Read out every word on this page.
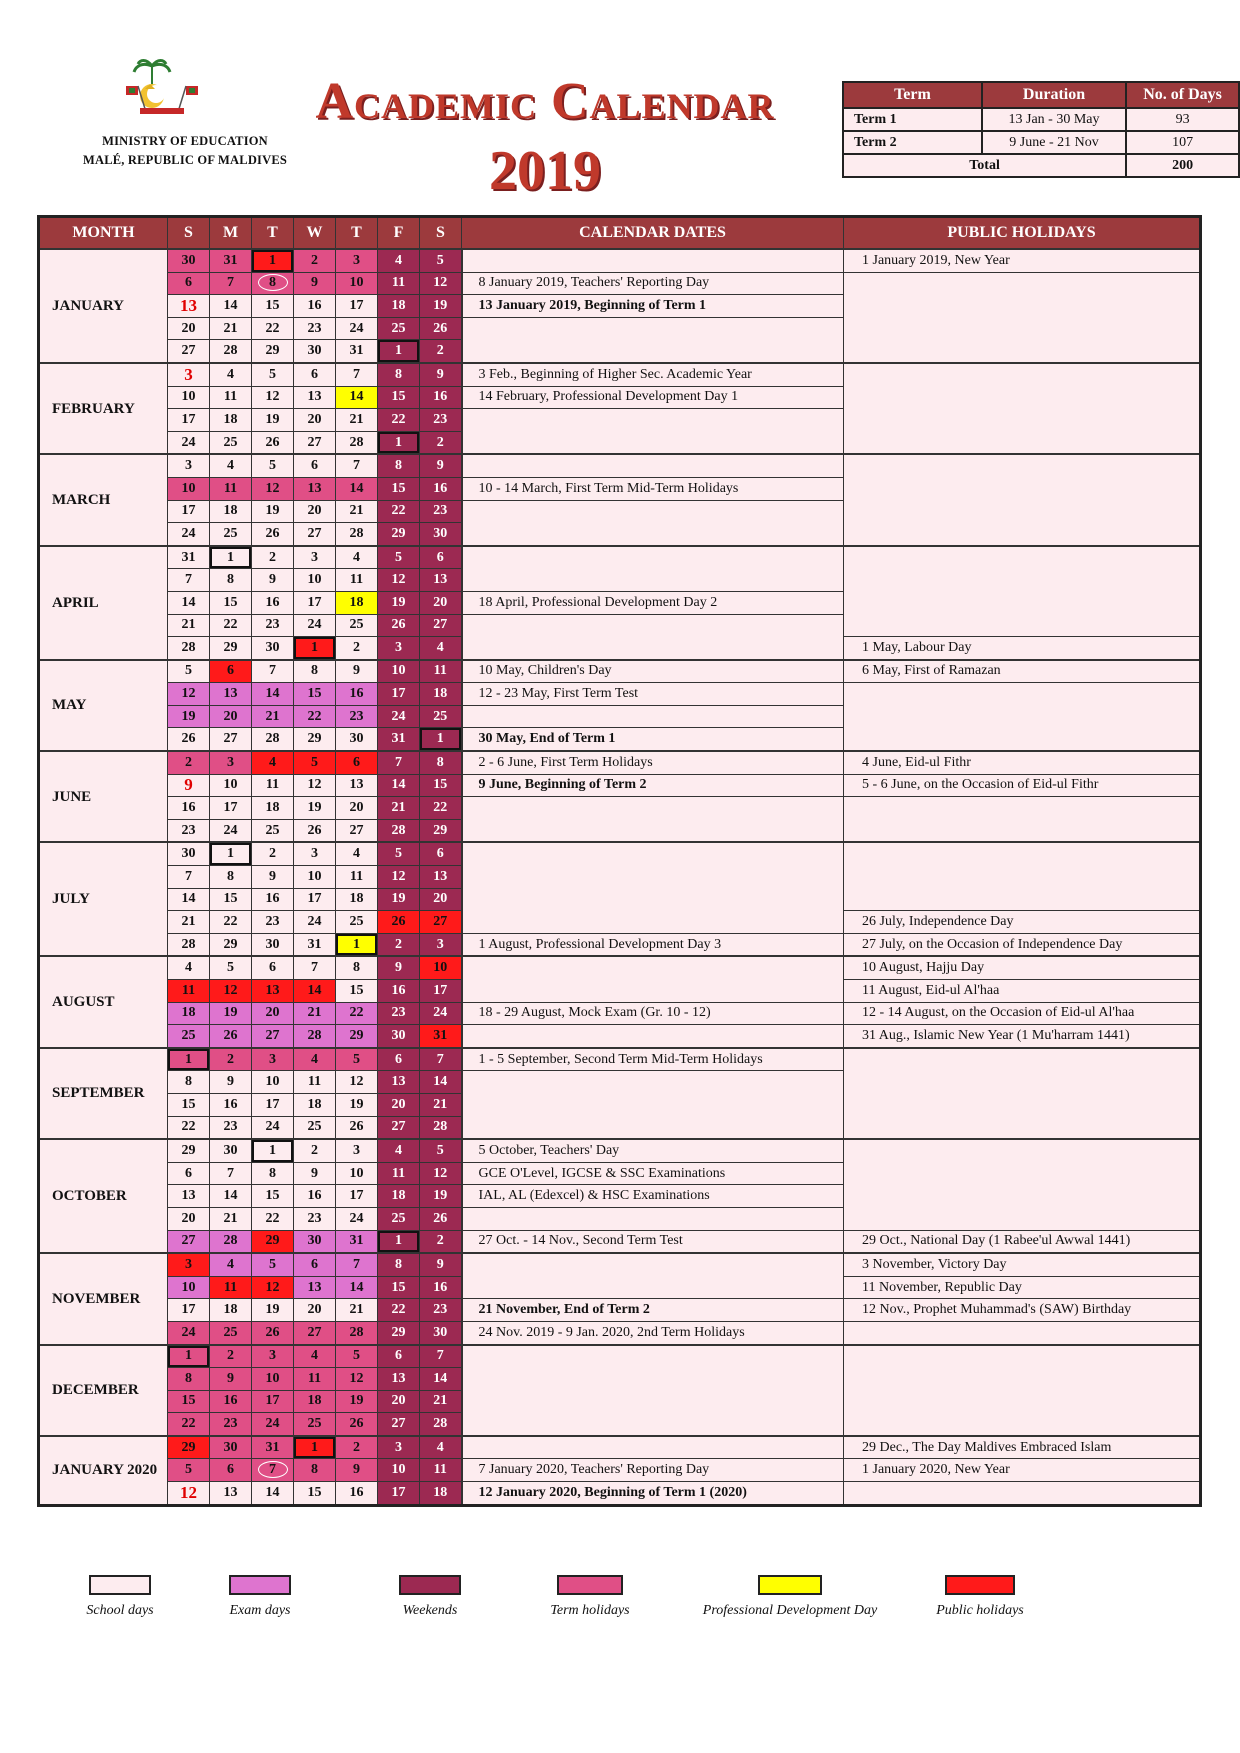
MINISTRY OF EDUCATION
MALÉ, REPUBLIC OF MALDIVES
Academic Calendar
2019
Term	Duration	No. of Days
Term 1	13 Jan - 30 May	93
Term 2	9 June - 21 Nov	107
Total		200
MONTH	S	M	T	W	T	F	S	CALENDAR DATES	PUBLIC HOLIDAYS
JANUARY	30	31	1	2	3	4	5		1 January 2019, New Year
	6	7	8	9	10	11	12	8 January 2019, Teachers' Reporting Day	
	13	14	15	16	17	18	19	13 January 2019, Beginning of Term 1	
	20	21	22	23	24	25	26		
	27	28	29	30	31	1	2		
FEBRUARY	3	4	5	6	7	8	9	3 Feb., Beginning of Higher Sec. Academic Year	
	10	11	12	13	14	15	16	14 February, Professional Development Day 1	
	17	18	19	20	21	22	23		
	24	25	26	27	28	1	2		
MARCH	3	4	5	6	7	8	9		
	10	11	12	13	14	15	16	10 - 14 March, First Term Mid-Term Holidays	
	17	18	19	20	21	22	23		
	24	25	26	27	28	29	30		
APRIL	31	1	2	3	4	5	6		
	7	8	9	10	11	12	13		
	14	15	16	17	18	19	20	18 April, Professional Development Day 2	
	21	22	23	24	25	26	27		
	28	29	30	1	2	3	4		1 May, Labour Day
MAY	5	6	7	8	9	10	11	10 May, Children's Day	6 May, First of Ramazan
	12	13	14	15	16	17	18	12 - 23 May, First Term Test	
	19	20	21	22	23	24	25		
	26	27	28	29	30	31	1	30 May, End of Term 1	
JUNE	2	3	4	5	6	7	8	2 - 6 June, First Term Holidays	4 June, Eid-ul Fithr
	9	10	11	12	13	14	15	9 June, Beginning of Term 2	5 - 6 June, on the Occasion of Eid-ul Fithr
	16	17	18	19	20	21	22		
	23	24	25	26	27	28	29		
JULY	30	1	2	3	4	5	6		
	7	8	9	10	11	12	13		
	14	15	16	17	18	19	20		
	21	22	23	24	25	26	27		26 July, Independence Day
	28	29	30	31	1	2	3	1 August, Professional Development Day 3	27 July, on the Occasion of Independence Day
AUGUST	4	5	6	7	8	9	10		10 August, Hajju Day
	11	12	13	14	15	16	17		11 August, Eid-ul Al'haa
	18	19	20	21	22	23	24	18 - 29 August, Mock Exam (Gr. 10 - 12)	12 - 14 August, on the Occasion of Eid-ul Al'haa
	25	26	27	28	29	30	31		31 Aug., Islamic New Year (1 Mu'harram 1441)
SEPTEMBER	1	2	3	4	5	6	7	1 - 5 September, Second Term Mid-Term Holidays	
	8	9	10	11	12	13	14		
	15	16	17	18	19	20	21		
	22	23	24	25	26	27	28		
OCTOBER	29	30	1	2	3	4	5	5 October, Teachers' Day	
	6	7	8	9	10	11	12	GCE O'Level, IGCSE & SSC Examinations	
	13	14	15	16	17	18	19	IAL, AL (Edexcel) & HSC Examinations	
	20	21	22	23	24	25	26		
	27	28	29	30	31	1	2	27 Oct. - 14 Nov., Second Term Test	29 Oct., National Day (1 Rabee'ul Awwal 1441)
NOVEMBER	3	4	5	6	7	8	9		3 November, Victory Day
	10	11	12	13	14	15	16		11 November, Republic Day
	17	18	19	20	21	22	23	21 November, End of Term 2	12 Nov., Prophet Muhammad's (SAW) Birthday
	24	25	26	27	28	29	30	24 Nov. 2019 - 9 Jan. 2020, 2nd Term Holidays	
DECEMBER	1	2	3	4	5	6	7		
	8	9	10	11	12	13	14		
	15	16	17	18	19	20	21		
	22	23	24	25	26	27	28		
JANUARY 2020	29	30	31	1	2	3	4		29 Dec., The Day Maldives Embraced Islam
	5	6	7	8	9	10	11	7 January 2020, Teachers' Reporting Day	1 January 2020, New Year
	12	13	14	15	16	17	18	12 January 2020, Beginning of Term 1 (2020)	
School days	Exam days	Weekends	Term holidays	Professional Development Day	Public holidays
